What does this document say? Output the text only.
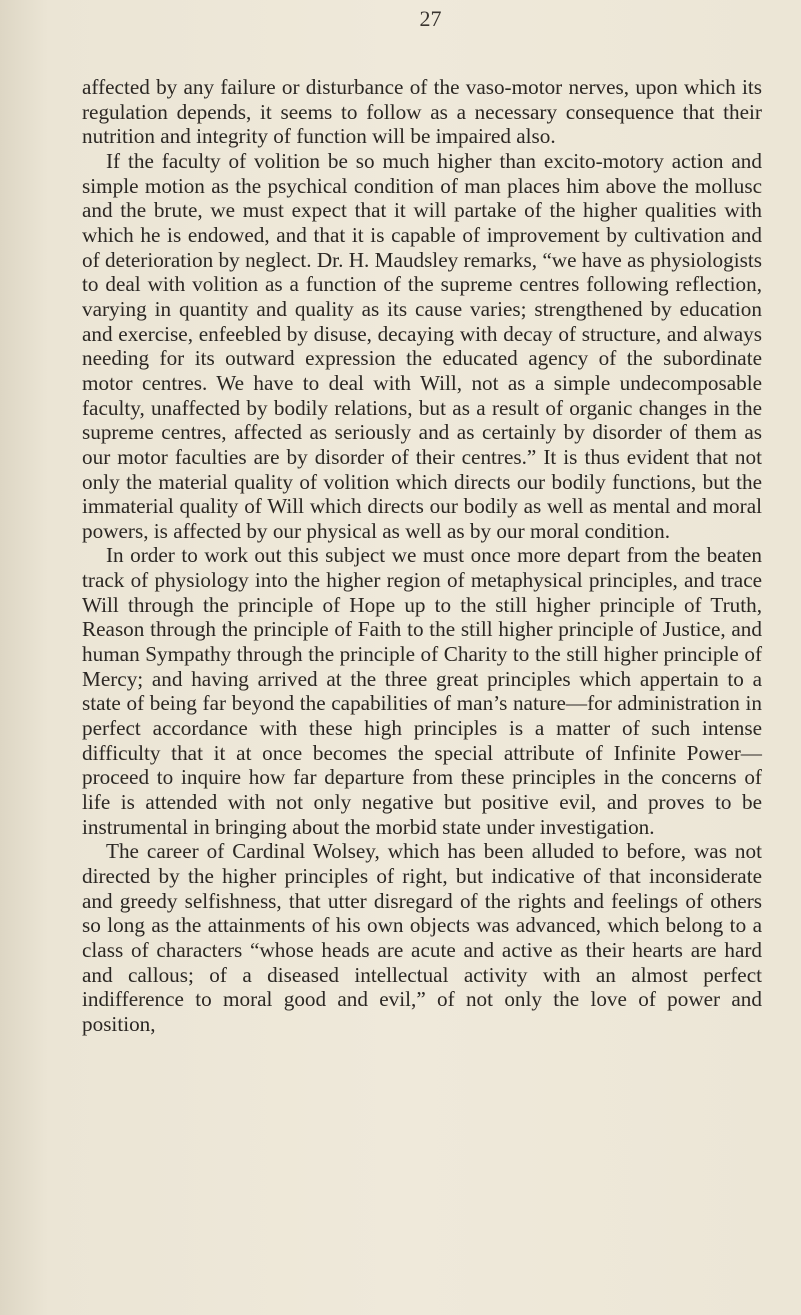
27

affected by any failure or disturbance of the vaso-motor nerves, upon which its regulation depends, it seems to follow as a necessary consequence that their nutrition and integrity of function will be impaired also.

If the faculty of volition be so much higher than excito-motory action and simple motion as the psychical condition of man places him above the mollusc and the brute, we must expect that it will partake of the higher qualities with which he is endowed, and that it is capable of improvement by cultivation and of deterioration by neglect. Dr. H. Maudsley remarks, “we have as physiologists to deal with volition as a function of the supreme centres following reflection, varying in quantity and quality as its cause varies; strengthened by education and exercise, enfeebled by disuse, decaying with decay of structure, and always needing for its outward expression the educated agency of the subordinate motor centres. We have to deal with Will, not as a simple undecomposable faculty, unaffected by bodily relations, but as a result of organic changes in the supreme centres, affected as seriously and as certainly by disorder of them as our motor faculties are by disorder of their centres.” It is thus evident that not only the material quality of volition which directs our bodily functions, but the immaterial quality of Will which directs our bodily as well as mental and moral powers, is affected by our physical as well as by our moral condition.

In order to work out this subject we must once more depart from the beaten track of physiology into the higher region of metaphysical principles, and trace Will through the principle of Hope up to the still higher principle of Truth, Reason through the principle of Faith to the still higher principle of Justice, and human Sympathy through the principle of Charity to the still higher principle of Mercy; and having arrived at the three great principles which appertain to a state of being far beyond the capabilities of man’s nature—for administration in perfect accordance with these high principles is a matter of such intense difficulty that it at once becomes the special attribute of Infinite Power—proceed to inquire how far departure from these principles in the concerns of life is attended with not only negative but positive evil, and proves to be instrumental in bringing about the morbid state under investigation.

The career of Cardinal Wolsey, which has been alluded to before, was not directed by the higher principles of right, but indicative of that inconsiderate and greedy selfishness, that utter disregard of the rights and feelings of others so long as the attainments of his own objects was advanced, which belong to a class of characters “whose heads are acute and active as their hearts are hard and callous; of a diseased intellectual activity with an almost perfect indifference to moral good and evil,” of not only the love of power and position,
